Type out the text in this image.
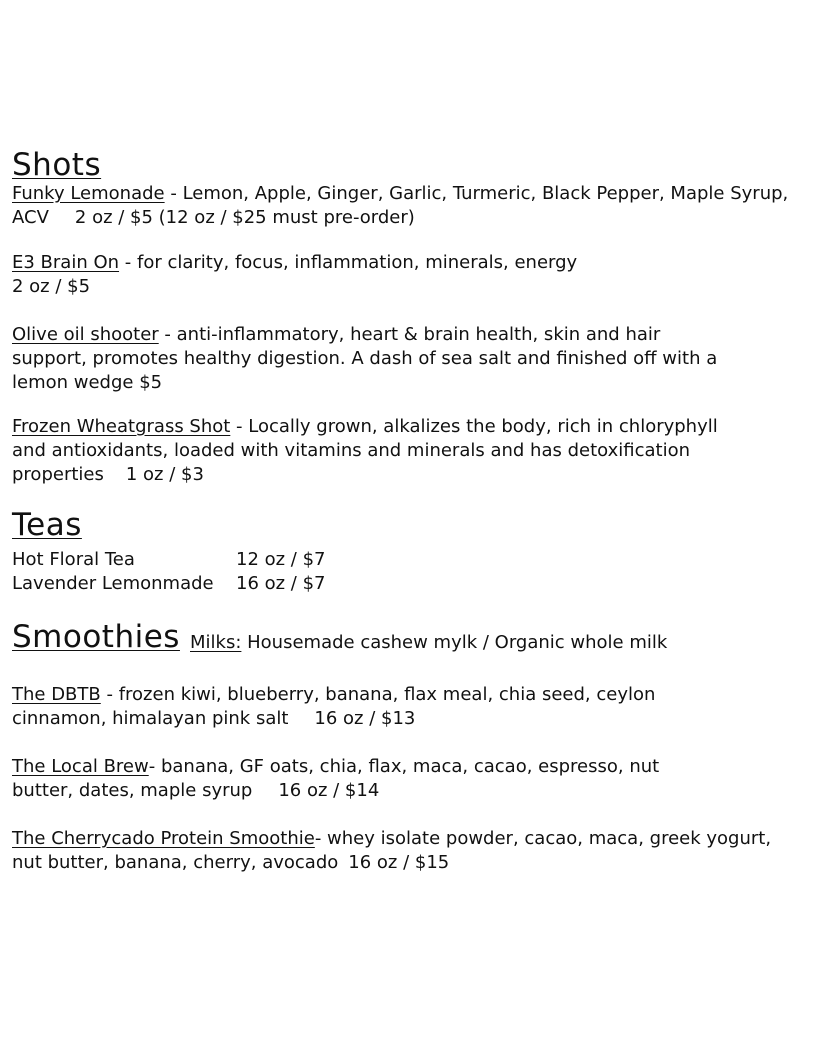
Shots

Funky Lemonade - Lemon, Apple, Ginger, Garlic, Turmeric, Black Pepper, Maple Syrup, ACV 2 oz / $5 (12 oz / $25 must pre-order)

E3 Brain On - for clarity, focus, inflammation, minerals, energy
2 oz / $5

Olive oil shooter - anti-inflammatory, heart & brain health, skin and hair support, promotes healthy digestion. A dash of sea salt and finished off with a lemon wedge $5

Frozen Wheatgrass Shot - Locally grown, alkalizes the body, rich in chloryphyll and antioxidants, loaded with vitamins and minerals and has detoxification properties 1 oz / $3

Teas
Hot Floral Tea	12 oz / $7
Lavender Lemonmade 16 oz / $7
Smoothies Milks: Housemade cashew mylk / Organic whole milk

The DBTB - frozen kiwi, blueberry, banana, flax meal, chia seed, ceylon cinnamon, himalayan pink salt 16 oz / $13

The Local Brew- banana, GF oats, chia, flax, maca, cacao, espresso, nut butter, dates, maple syrup 16 oz / $14

The Cherrycado Protein Smoothie- whey isolate powder, cacao, maca, greek yogurt, nut butter, banana, cherry, avocado 16 oz / $15
